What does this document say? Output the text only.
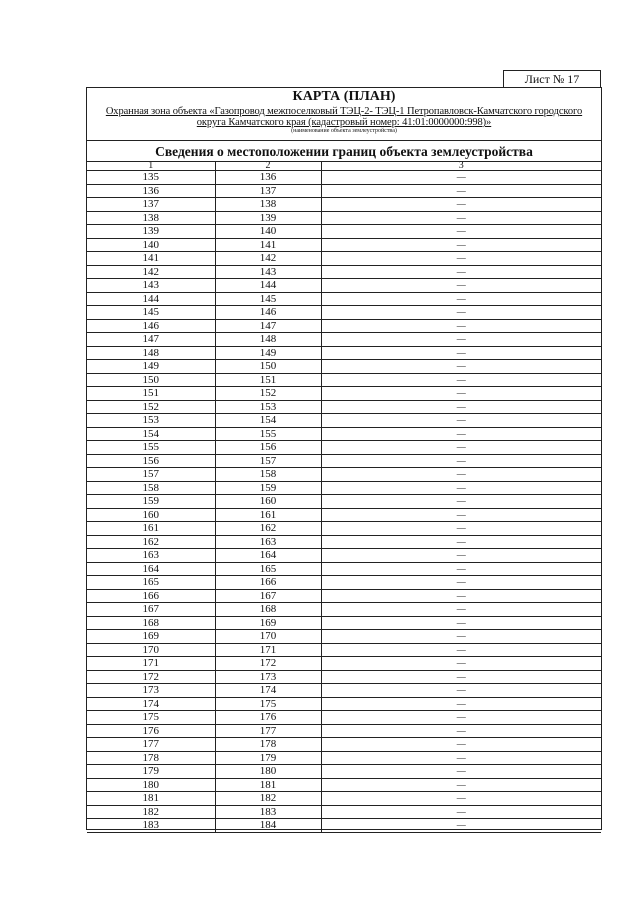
Лист № 17
КАРТА (ПЛАН)
Охранная зона объекта «Газопровод межпоселковый ТЭЦ-2- ТЭЦ-1 Петропавловск-Камчатского городского округа Камчатского края (кадастровый номер: 41:01:0000000:998)»
(наименование объекта землеустройства)
Сведения о местоположении границ объекта землеустройства
1	2	3
135	136	—
136	137	—
137	138	—
138	139	—
139	140	—
140	141	—
141	142	—
142	143	—
143	144	—
144	145	—
145	146	—
146	147	—
147	148	—
148	149	—
149	150	—
150	151	—
151	152	—
152	153	—
153	154	—
154	155	—
155	156	—
156	157	—
157	158	—
158	159	—
159	160	—
160	161	—
161	162	—
162	163	—
163	164	—
164	165	—
165	166	—
166	167	—
167	168	—
168	169	—
169	170	—
170	171	—
171	172	—
172	173	—
173	174	—
174	175	—
175	176	—
176	177	—
177	178	—
178	179	—
179	180	—
180	181	—
181	182	—
182	183	—
183	184	—
